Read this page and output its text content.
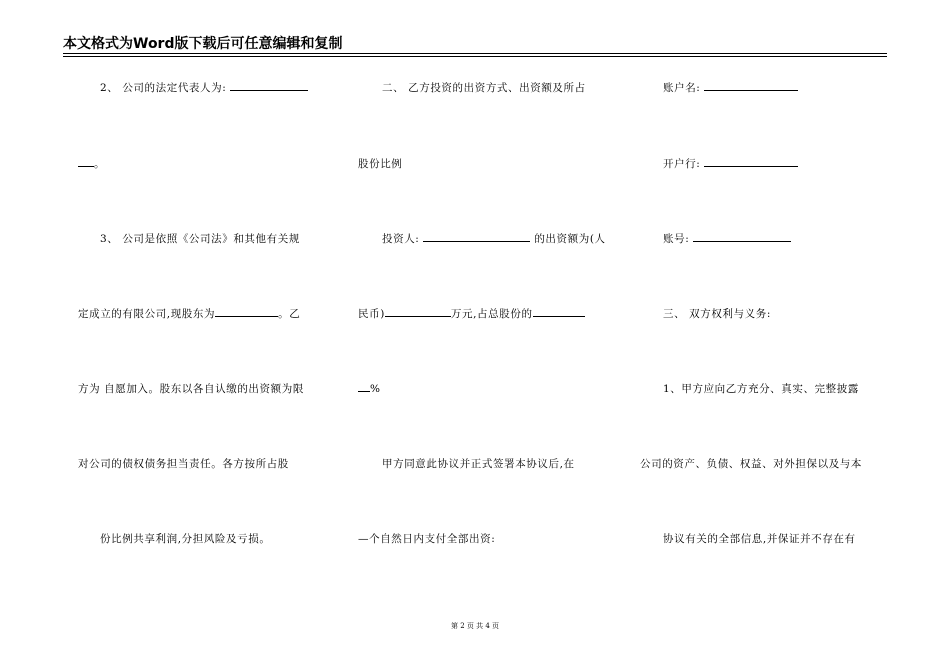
本文格式为Word版下载后可任意编辑和复制
2、 公司的法定代表人为:
。
3、 公司是依照《公司法》和其他有关规
定成立的有限公司,现股东为	。乙
方为 自愿加入。股东以各自认缴的出资额为限
对公司的债权债务担当责任。各方按所占股
份比例共享利润,分担风险及亏损。
二、 乙方投资的出资方式、出资额及所占
股份比例
投资人:	的出资额为(人
民币)	万元,占总股份的
%
甲方同意此协议并正式签署本协议后,在
—个自然日内支付全部出资:
账户名:
开户行:
账号:
三、 双方权利与义务:
1、甲方应向乙方充分、真实、完整披露
公司的资产、负债、权益、对外担保以及与本
协议有关的全部信息,并保证并不存在有
第 2 页 共 4 页
